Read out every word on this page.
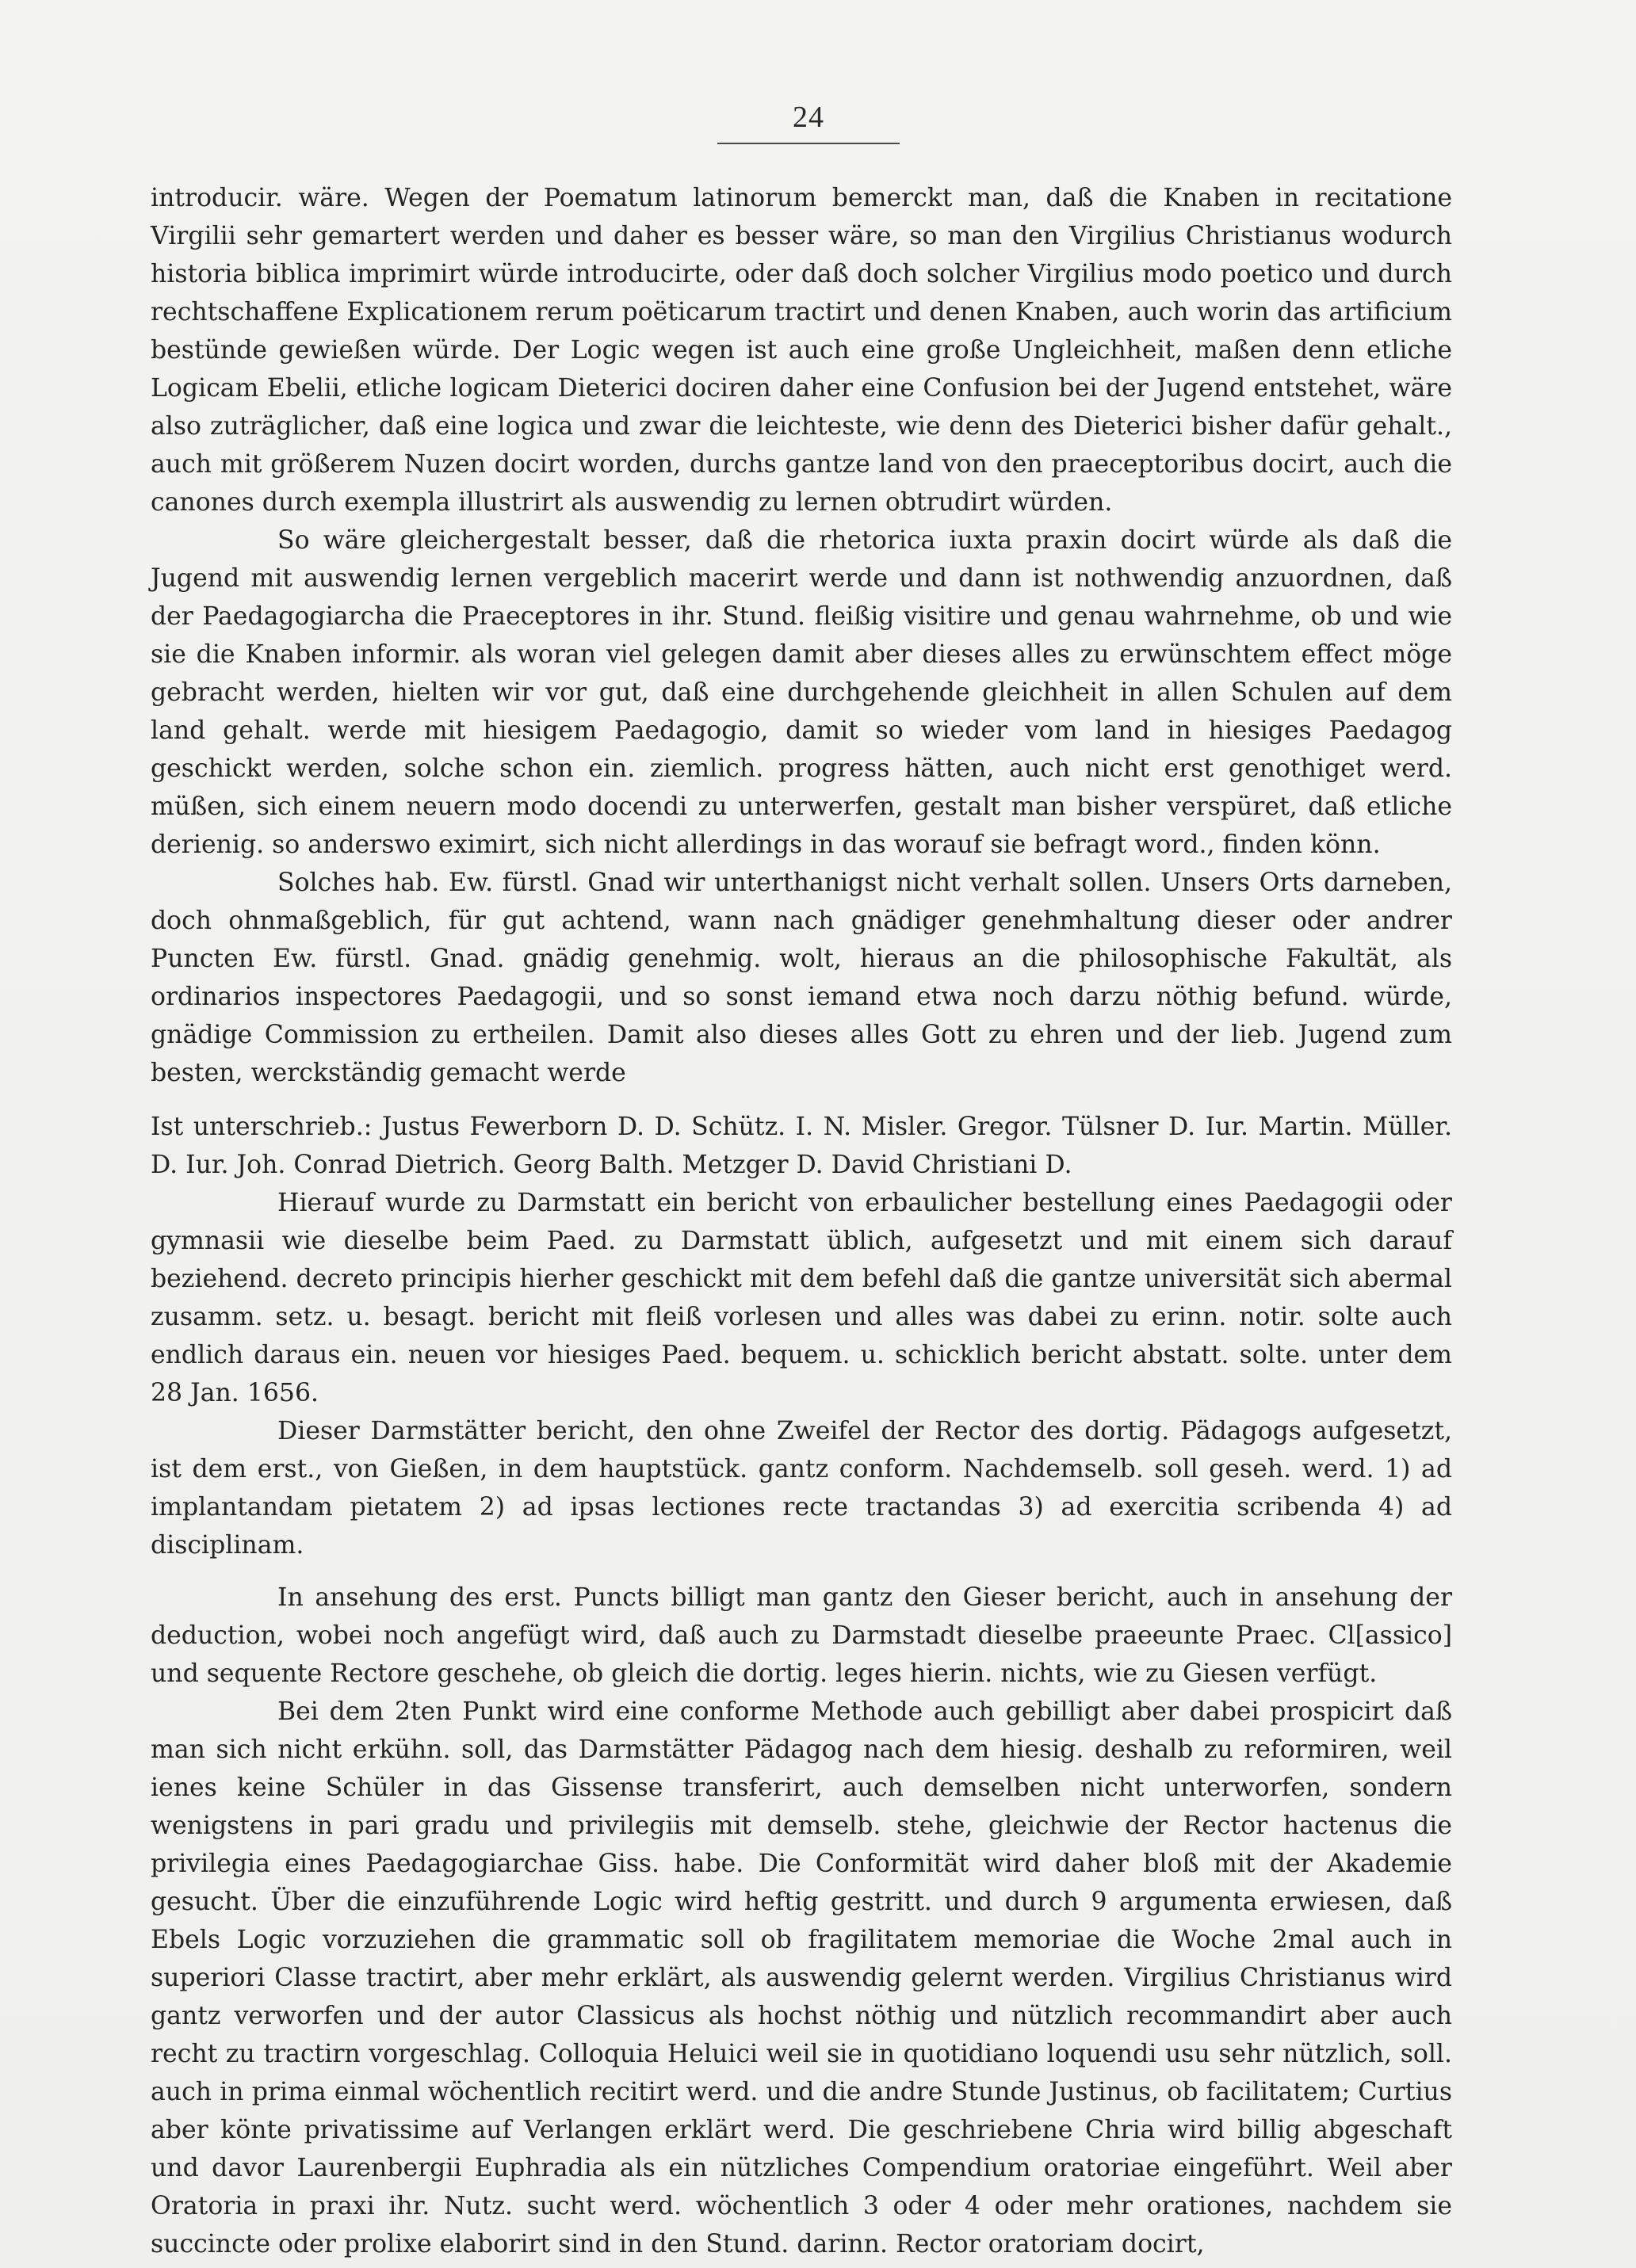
24

introducir. wäre. Wegen der Poematum latinorum bemerckt man, daß die Knaben in recitatione Virgilii sehr gemartert werden und daher es besser wäre, so man den Virgilius Christianus wodurch historia biblica imprimirt würde introducirte, oder daß doch solcher Virgilius modo poetico und durch rechtschaffene Explicationem rerum poëticarum tractirt und denen Knaben, auch worin das artificium bestünde gewießen würde. Der Logic wegen ist auch eine große Ungleichheit, maßen denn etliche Logicam Ebelii, etliche logicam Dieterici dociren daher eine Confusion bei der Jugend entstehet, wäre also zuträglicher, daß eine logica und zwar die leichteste, wie denn des Dieterici bisher dafür gehalt., auch mit größerem Nuzen docirt worden, durchs gantze land von den praeceptoribus docirt, auch die canones durch exempla illustrirt als auswendig zu lernen obtrudirt würden.

So wäre gleichergestalt besser, daß die rhetorica iuxta praxin docirt würde als daß die Jugend mit auswendig lernen vergeblich macerirt werde und dann ist nothwendig anzuordnen, daß der Paedagogiarcha die Praeceptores in ihr. Stund. fleißig visitire und genau wahrnehme, ob und wie sie die Knaben informir. als woran viel gelegen damit aber dieses alles zu erwünschtem effect möge gebracht werden, hielten wir vor gut, daß eine durchgehende gleichheit in allen Schulen auf dem land gehalt. werde mit hiesigem Paedagogio, damit so wieder vom land in hiesiges Paedagog geschickt werden, solche schon ein. ziemlich. progress hätten, auch nicht erst genothiget werd. müßen, sich einem neuern modo docendi zu unterwerfen, gestalt man bisher verspüret, daß etliche derienig. so anderswo eximirt, sich nicht allerdings in das worauf sie befragt word., finden könn.

Solches hab. Ew. fürstl. Gnad wir unterthanigst nicht verhalt sollen. Unsers Orts darneben, doch ohnmaßgeblich, für gut achtend, wann nach gnädiger genehmhaltung dieser oder andrer Puncten Ew. fürstl. Gnad. gnädig genehmig. wolt, hieraus an die philosophische Fakultät, als ordinarios inspectores Paedagogii, und so sonst iemand etwa noch darzu nöthig befund. würde, gnädige Commission zu ertheilen. Damit also dieses alles Gott zu ehren und der lieb. Jugend zum besten, werckständig gemacht werde

Ist unterschrieb.: Justus Fewerborn D. D. Schütz. I. N. Misler. Gregor. Tülsner D. Iur. Martin. Müller. D. Iur. Joh. Conrad Dietrich. Georg Balth. Metzger D. David Christiani D.

Hierauf wurde zu Darmstatt ein bericht von erbaulicher bestellung eines Paedagogii oder gymnasii wie dieselbe beim Paed. zu Darmstatt üblich, aufgesetzt und mit einem sich darauf beziehend. decreto principis hierher geschickt mit dem befehl daß die gantze universität sich abermal zusamm. setz. u. besagt. bericht mit fleiß vorlesen und alles was dabei zu erinn. notir. solte auch endlich daraus ein. neuen vor hiesiges Paed. bequem. u. schicklich bericht abstatt. solte. unter dem 28 Jan. 1656.

Dieser Darmstätter bericht, den ohne Zweifel der Rector des dortig. Pädagogs aufgesetzt, ist dem erst., von Gießen, in dem hauptstück. gantz conform. Nachdemselb. soll geseh. werd. 1) ad implantandam pietatem 2) ad ipsas lectiones recte tractandas 3) ad exercitia scribenda 4) ad disciplinam.

In ansehung des erst. Puncts billigt man gantz den Gieser bericht, auch in ansehung der deduction, wobei noch angefügt wird, daß auch zu Darmstadt dieselbe praeeunte Praec. Cl[assico] und sequente Rectore geschehe, ob gleich die dortig. leges hierin. nichts, wie zu Giesen verfügt.

Bei dem 2ten Punkt wird eine conforme Methode auch gebilligt aber dabei prospicirt daß man sich nicht erkühn. soll, das Darmstätter Pädagog nach dem hiesig. deshalb zu reformiren, weil ienes keine Schüler in das Gissense transferirt, auch demselben nicht unterworfen, sondern wenigstens in pari gradu und privilegiis mit demselb. stehe, gleichwie der Rector hactenus die privilegia eines Paedagogiarchae Giss. habe. Die Conformität wird daher bloß mit der Akademie gesucht. Über die einzuführende Logic wird heftig gestritt. und durch 9 argumenta erwiesen, daß Ebels Logic vorzuziehen die grammatic soll ob fragilitatem memoriae die Woche 2mal auch in superiori Classe tractirt, aber mehr erklärt, als auswendig gelernt werden. Virgilius Christianus wird gantz verworfen und der autor Classicus als hochst nöthig und nützlich recommandirt aber auch recht zu tractirn vorgeschlag. Colloquia Heluici weil sie in quotidiano loquendi usu sehr nützlich, soll. auch in prima einmal wöchentlich recitirt werd. und die andre Stunde Justinus, ob facilitatem; Curtius aber könte privatissime auf Verlangen erklärt werd. Die geschriebene Chria wird billig abgeschaft und davor Laurenbergii Euphradia als ein nützliches Compendium oratoriae eingeführt. Weil aber Oratoria in praxi ihr. Nutz. sucht werd. wöchentlich 3 oder 4 oder mehr orationes, nachdem sie succincte oder prolixe elaborirt sind in den Stund. darinn. Rector oratoriam docirt,
